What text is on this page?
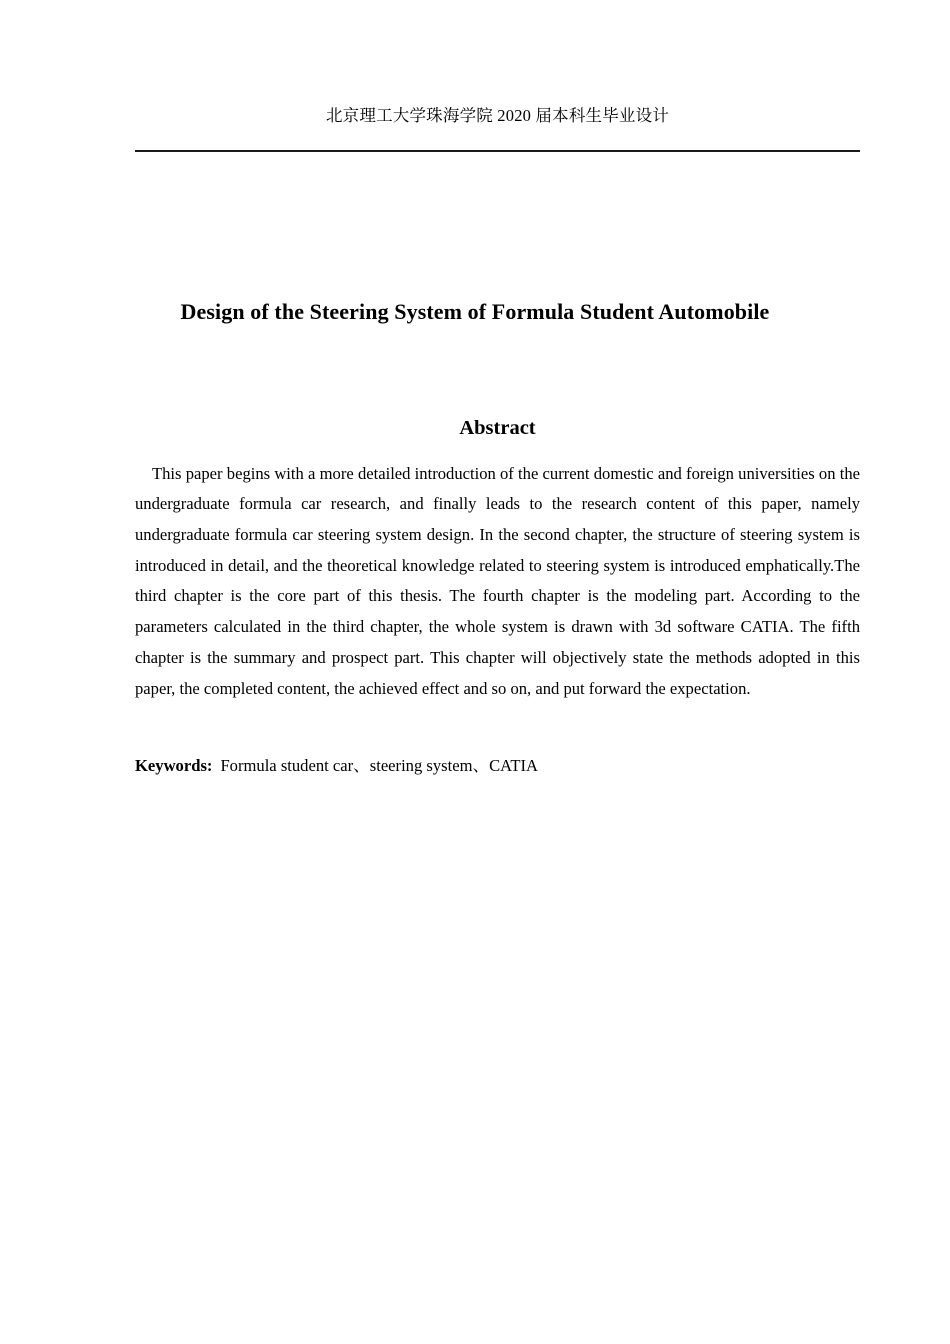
北京理工大学珠海学院 2020 届本科生毕业设计
Design of the Steering System of Formula Student Automobile
Abstract

This paper begins with a more detailed introduction of the current domestic and foreign universities on the undergraduate formula car research, and finally leads to the research content of this paper, namely undergraduate formula car steering system design. In the second chapter, the structure of steering system is introduced in detail, and the theoretical knowledge related to steering system is introduced emphatically.The third chapter is the core part of this thesis. The fourth chapter is the modeling part. According to the parameters calculated in the third chapter, the whole system is drawn with 3d software CATIA. The fifth chapter is the summary and prospect part. This chapter will objectively state the methods adopted in this paper, the completed content, the achieved effect and so on, and put forward the expectation.

Keywords: Formula student car、steering system、CATIA
